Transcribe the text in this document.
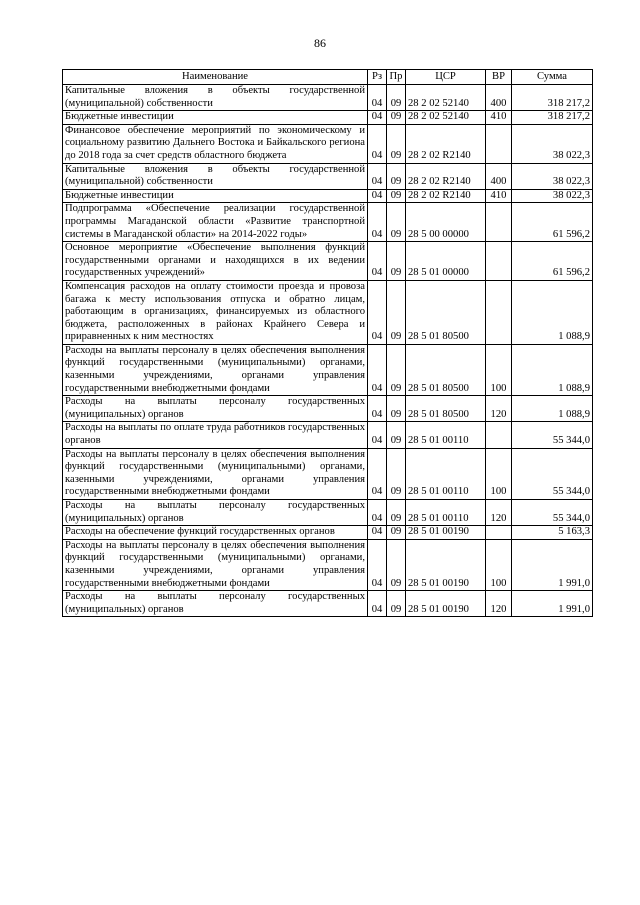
86
Наименование	Рз	Пр	ЦСР	ВР	Сумма
Капитальные вложения в объекты государственной (муниципальной) собственности	04	09	28 2 02 52140	400	318 217,2
Бюджетные инвестиции	04	09	28 2 02 52140	410	318 217,2
Финансовое обеспечение мероприятий по экономическому и социальному развитию Дальнего Востока и Байкальского региона до 2018 года за счет средств областного бюджета	04	09	28 2 02 R2140		38 022,3
Капитальные вложения в объекты государственной (муниципальной) собственности	04	09	28 2 02 R2140	400	38 022,3
Бюджетные инвестиции	04	09	28 2 02 R2140	410	38 022,3
Подпрограмма «Обеспечение реализации государственной программы Магаданской области «Развитие транспортной системы в Магаданской области» на 2014-2022 годы»	04	09	28 5 00 00000		61 596,2
Основное мероприятие «Обеспечение выполнения функций государственными органами и находящихся в их ведении государственных учреждений»	04	09	28 5 01 00000		61 596,2
Компенсация расходов на оплату стоимости проезда и провоза багажа к месту использования отпуска и обратно лицам, работающим в организациях, финансируемых из областного бюджета, расположенных в районах Крайнего Севера и приравненных к ним местностях	04	09	28 5 01 80500		1 088,9
Расходы на выплаты персоналу в целях обеспечения выполнения функций государственными (муниципальными) органами, казенными учреждениями, органами управления государственными внебюджетными фондами	04	09	28 5 01 80500	100	1 088,9
Расходы на выплаты персоналу государственных (муниципальных) органов	04	09	28 5 01 80500	120	1 088,9
Расходы на выплаты по оплате труда работников государственных органов	04	09	28 5 01 00110		55 344,0
Расходы на выплаты персоналу в целях обеспечения выполнения функций государственными (муниципальными) органами, казенными учреждениями, органами управления государственными внебюджетными фондами	04	09	28 5 01 00110	100	55 344,0
Расходы на выплаты персоналу государственных (муниципальных) органов	04	09	28 5 01 00110	120	55 344,0
Расходы на обеспечение функций государственных органов	04	09	28 5 01 00190		5 163,3
Расходы на выплаты персоналу в целях обеспечения выполнения функций государственными (муниципальными) органами, казенными учреждениями, органами управления государственными внебюджетными фондами	04	09	28 5 01 00190	100	1 991,0
Расходы на выплаты персоналу государственных (муниципальных) органов	04	09	28 5 01 00190	120	1 991,0
